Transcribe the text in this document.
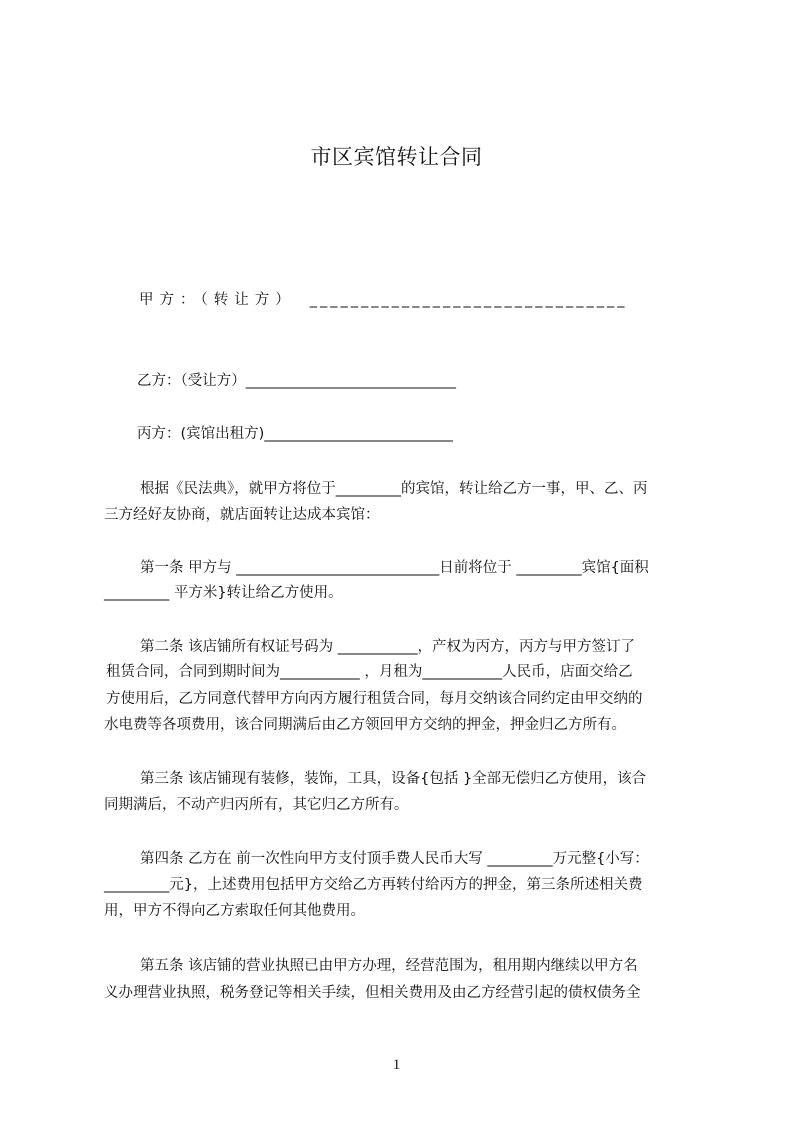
市区宾馆转让合同
甲方：（转让方） _______________________________
乙方：（受让方）_____________________________
丙方：(宾馆出租方)__________________________
根据《民法典》，就甲方将位于_________的宾馆，转让给乙方一事，甲、乙、丙
三方经好友协商，就店面转让达成本宾馆：
第一条 甲方与 ____________________________日前将位于 _________宾馆{面积
_________ 平方米}转让给乙方使用。
第二条 该店铺所有权证号码为 ___________，产权为丙方，丙方与甲方签订了
租赁合同，合同到期时间为___________ ，月租为___________人民币，店面交给乙
方使用后，乙方同意代替甲方向丙方履行租赁合同，每月交纳该合同约定由甲交纳的
水电费等各项费用，该合同期满后由乙方领回甲方交纳的押金，押金归乙方所有。
第三条 该店铺现有装修，装饰，工具，设备{包括 }全部无偿归乙方使用，该合
同期满后，不动产归丙所有，其它归乙方所有。
第四条 乙方在 前一次性向甲方支付顶手费人民币大写 _________万元整{小写：
_________元}，上述费用包括甲方交给乙方再转付给丙方的押金，第三条所述相关费
用，甲方不得向乙方索取任何其他费用。
第五条 该店铺的营业执照已由甲方办理，经营范围为，租用期内继续以甲方名
义办理营业执照，税务登记等相关手续，但相关费用及由乙方经营引起的债权债务全
1
